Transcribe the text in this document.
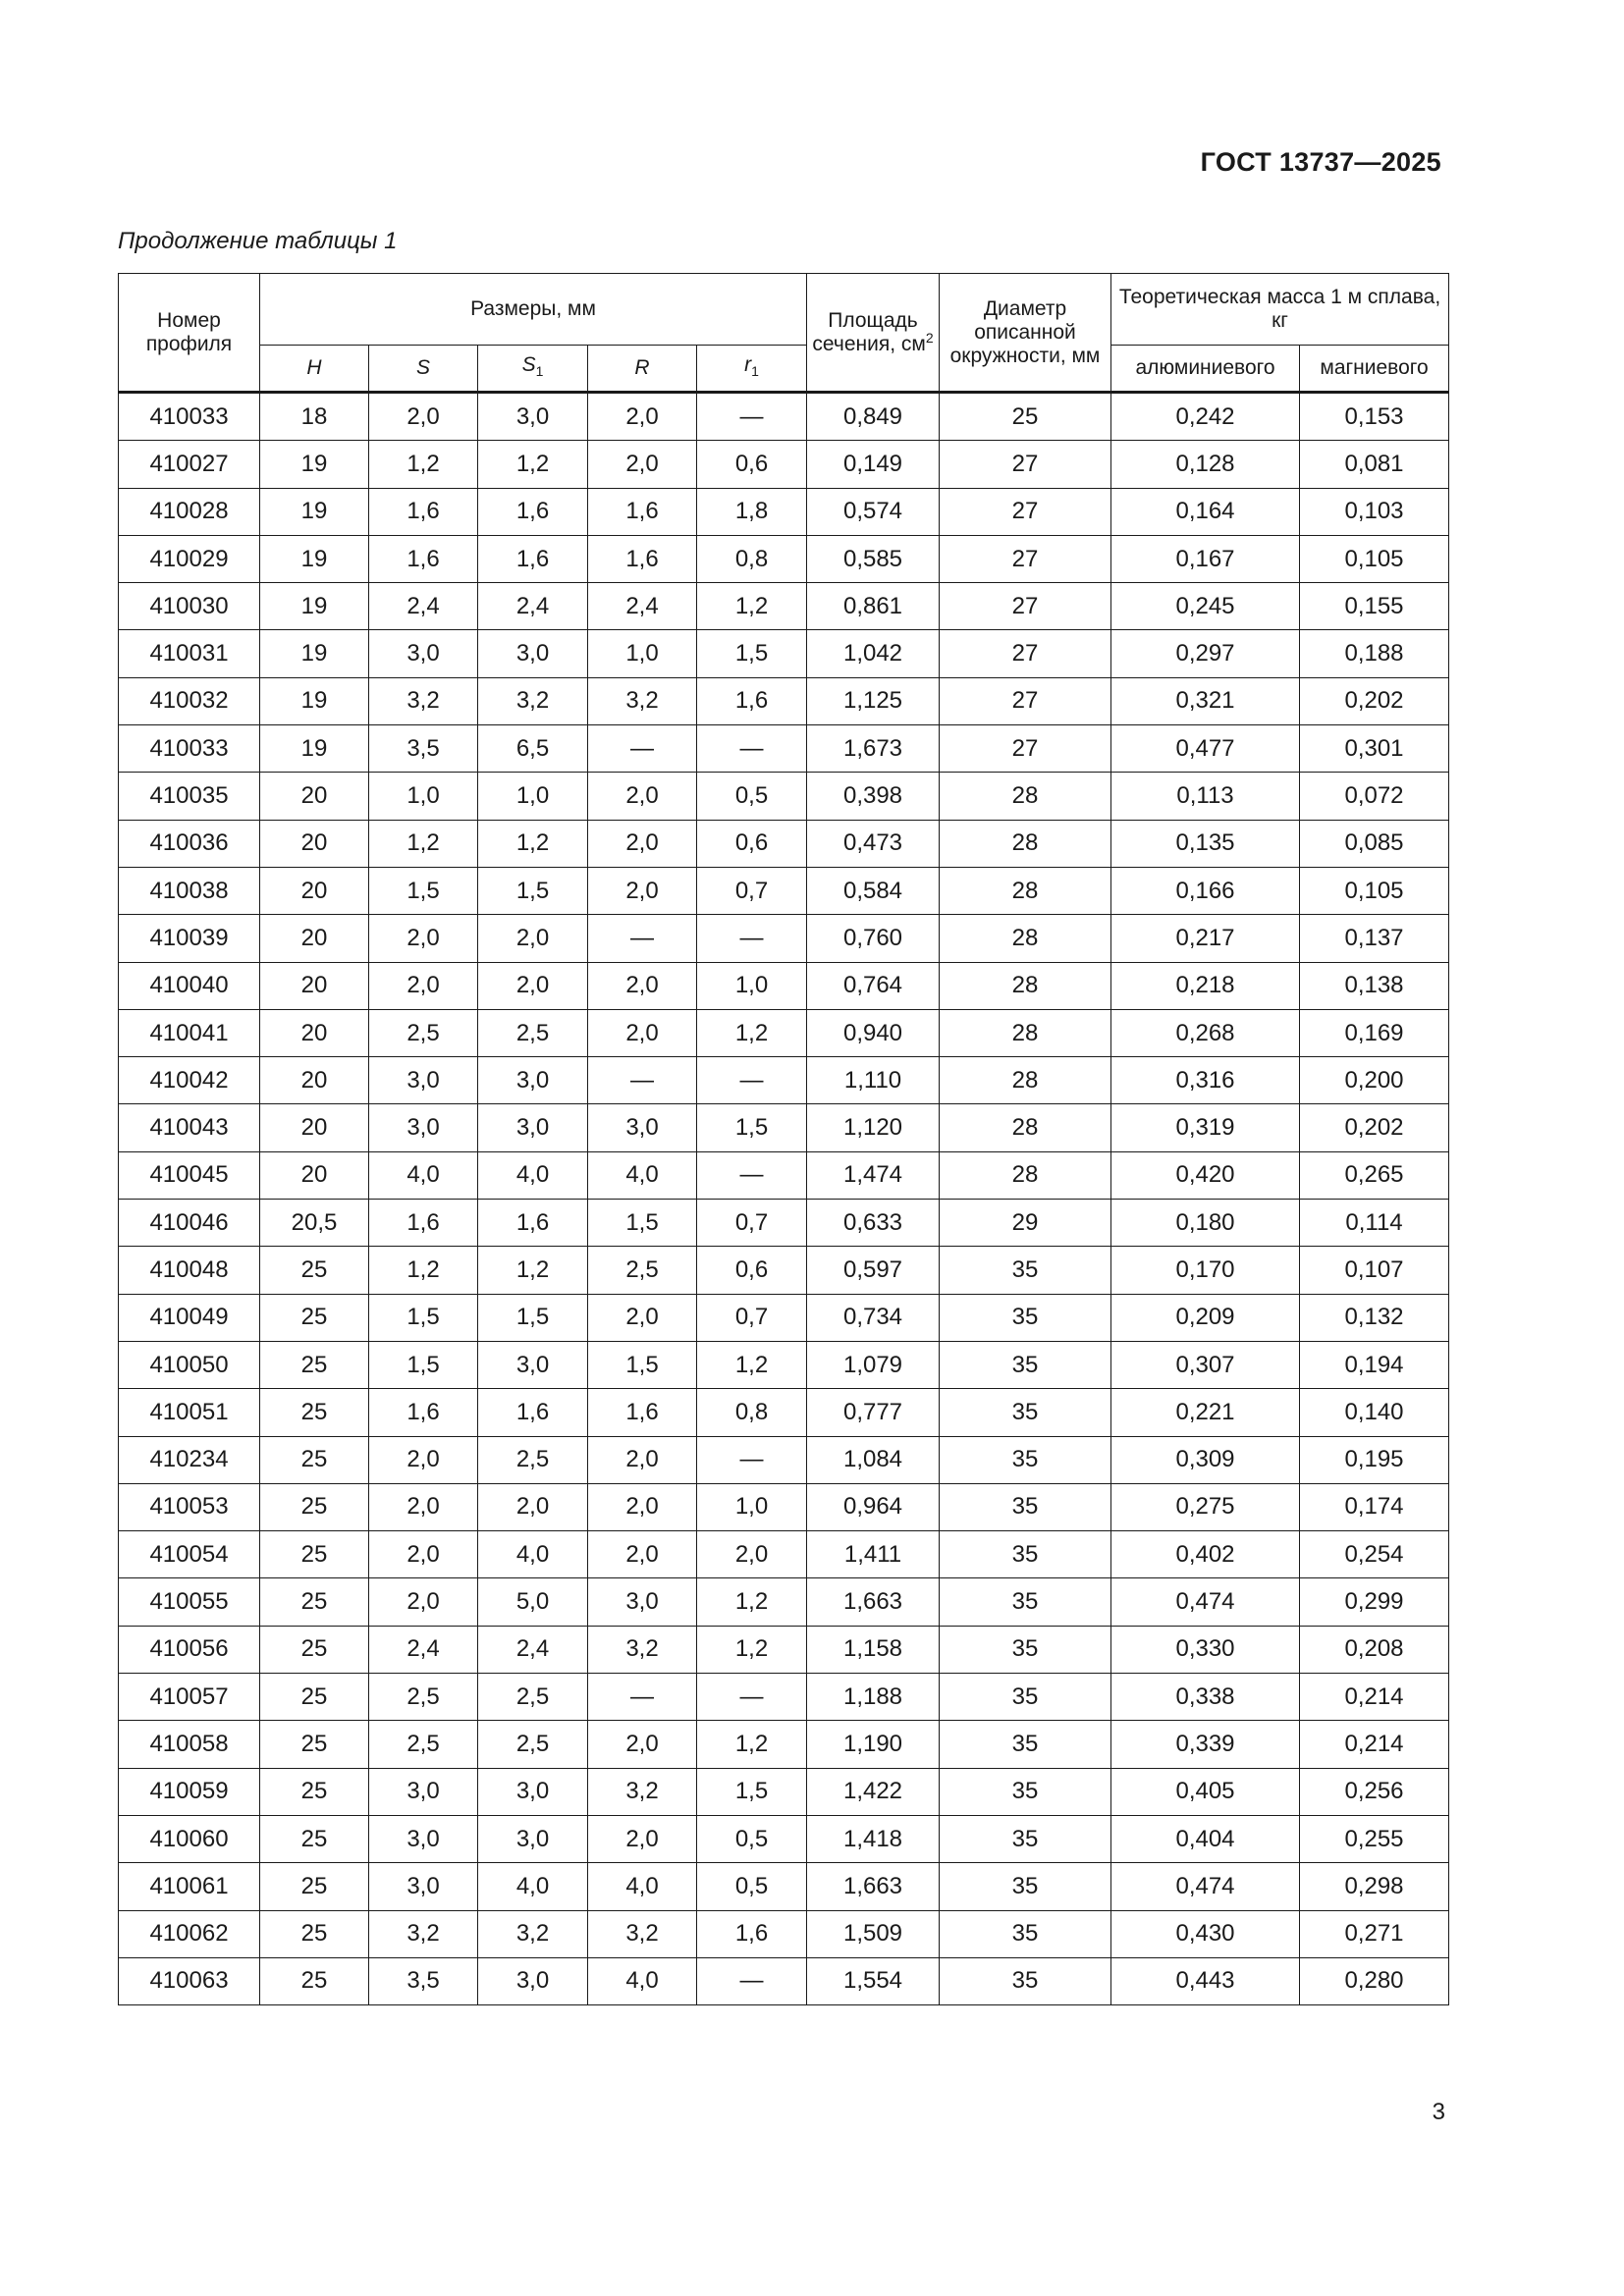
ГОСТ 13737—2025
Продолжение таблицы 1
Номер профиля	Размеры, мм					Площадь сечения, $см^2$	Диаметр описанной окружности, мм	Теоретическая масса 1 м сплава, кг	
	H	S	$S_1$	R	$r_1$			алюминиевого	магниевого
410033	18	2,0	3,0	2,0	—	0,849	25	0,242	0,153
410027	19	1,2	1,2	2,0	0,6	0,149	27	0,128	0,081
410028	19	1,6	1,6	1,6	1,8	0,574	27	0,164	0,103
410029	19	1,6	1,6	1,6	0,8	0,585	27	0,167	0,105
410030	19	2,4	2,4	2,4	1,2	0,861	27	0,245	0,155
410031	19	3,0	3,0	1,0	1,5	1,042	27	0,297	0,188
410032	19	3,2	3,2	3,2	1,6	1,125	27	0,321	0,202
410033	19	3,5	6,5	—	—	1,673	27	0,477	0,301
410035	20	1,0	1,0	2,0	0,5	0,398	28	0,113	0,072
410036	20	1,2	1,2	2,0	0,6	0,473	28	0,135	0,085
410038	20	1,5	1,5	2,0	0,7	0,584	28	0,166	0,105
410039	20	2,0	2,0	—	—	0,760	28	0,217	0,137
410040	20	2,0	2,0	2,0	1,0	0,764	28	0,218	0,138
410041	20	2,5	2,5	2,0	1,2	0,940	28	0,268	0,169
410042	20	3,0	3,0	—	—	1,110	28	0,316	0,200
410043	20	3,0	3,0	3,0	1,5	1,120	28	0,319	0,202
410045	20	4,0	4,0	4,0	—	1,474	28	0,420	0,265
410046	20,5	1,6	1,6	1,5	0,7	0,633	29	0,180	0,114
410048	25	1,2	1,2	2,5	0,6	0,597	35	0,170	0,107
410049	25	1,5	1,5	2,0	0,7	0,734	35	0,209	0,132
410050	25	1,5	3,0	1,5	1,2	1,079	35	0,307	0,194
410051	25	1,6	1,6	1,6	0,8	0,777	35	0,221	0,140
410234	25	2,0	2,5	2,0	—	1,084	35	0,309	0,195
410053	25	2,0	2,0	2,0	1,0	0,964	35	0,275	0,174
410054	25	2,0	4,0	2,0	2,0	1,411	35	0,402	0,254
410055	25	2,0	5,0	3,0	1,2	1,663	35	0,474	0,299
410056	25	2,4	2,4	3,2	1,2	1,158	35	0,330	0,208
410057	25	2,5	2,5	—	—	1,188	35	0,338	0,214
410058	25	2,5	2,5	2,0	1,2	1,190	35	0,339	0,214
410059	25	3,0	3,0	3,2	1,5	1,422	35	0,405	0,256
410060	25	3,0	3,0	2,0	0,5	1,418	35	0,404	0,255
410061	25	3,0	4,0	4,0	0,5	1,663	35	0,474	0,298
410062	25	3,2	3,2	3,2	1,6	1,509	35	0,430	0,271
410063	25	3,5	3,0	4,0	—	1,554	35	0,443	0,280
3
